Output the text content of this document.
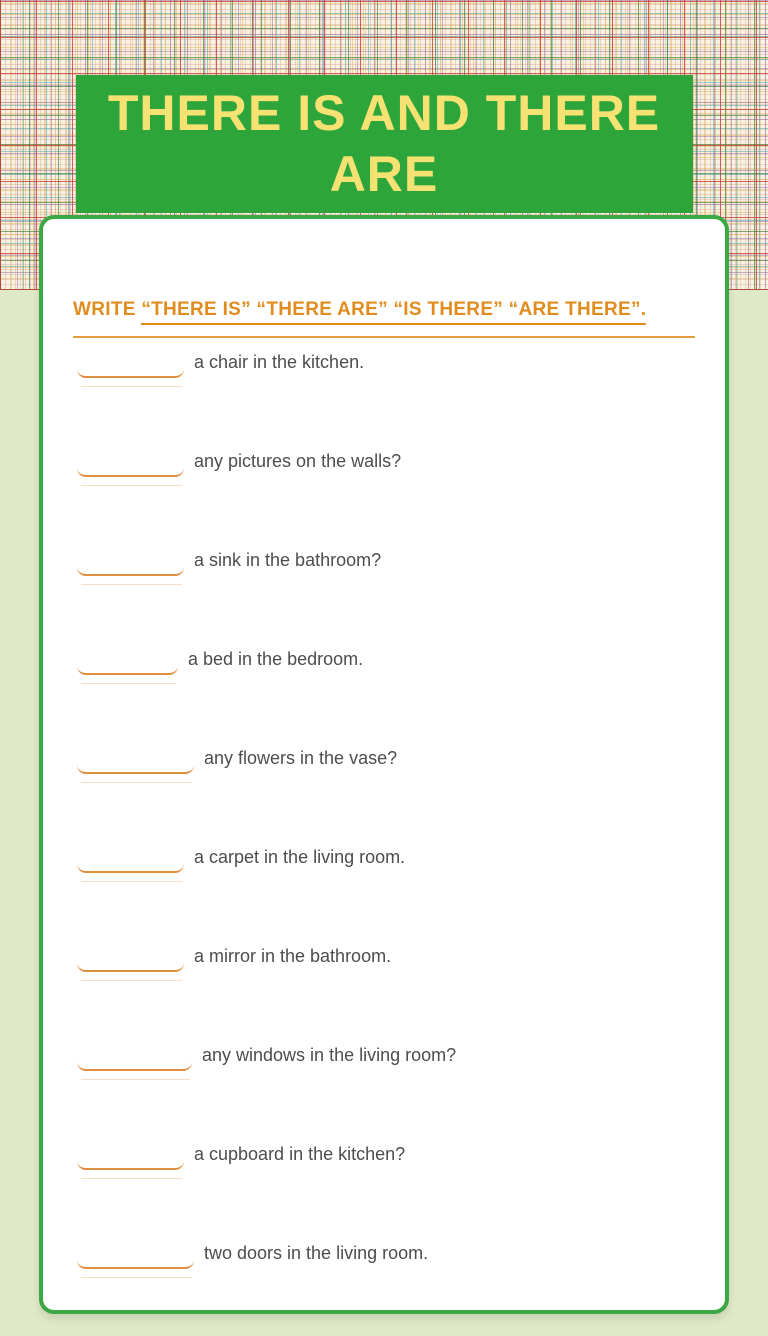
THERE IS AND THERE ARE
WRITE “THERE IS” “THERE ARE” “IS THERE” “ARE THERE”.
a chair in the kitchen.
any pictures on the walls?
a sink in the bathroom?
a bed in the bedroom.
any flowers in the vase?
a carpet in the living room.
a mirror in the bathroom.
any windows in the living room?
a cupboard in the kitchen?
two doors in the living room.
